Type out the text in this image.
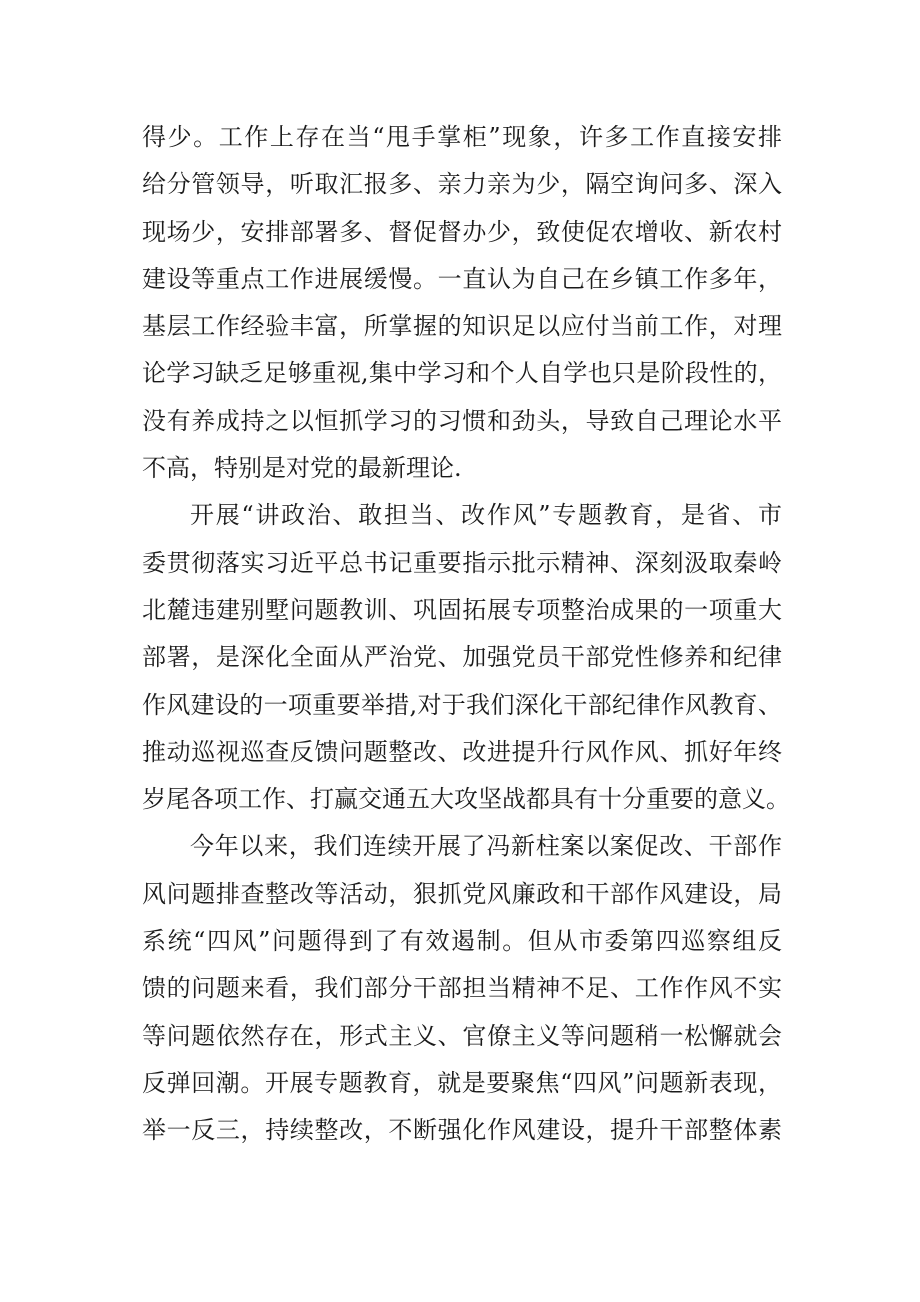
得少。工作上存在当“甩手掌柜”现象，许多工作直接安排
给分管领导，听取汇报多、亲力亲为少，隔空询问多、深入
现场少，安排部署多、督促督办少，致使促农增收、新农村
建设等重点工作进展缓慢。一直认为自己在乡镇工作多年，
基层工作经验丰富，所掌握的知识足以应付当前工作，对理
论学习缺乏足够重视,集中学习和个人自学也只是阶段性的，
没有养成持之以恒抓学习的习惯和劲头，导致自己理论水平
不高，特别是对党的最新理论.
开展“讲政治、敢担当、改作风”专题教育，是省、市
委贯彻落实习近平总书记重要指示批示精神、深刻汲取秦岭
北麓违建别墅问题教训、巩固拓展专项整治成果的一项重大
部署，是深化全面从严治党、加强党员干部党性修养和纪律
作风建设的一项重要举措,对于我们深化干部纪律作风教育、
推动巡视巡查反馈问题整改、改进提升行风作风、抓好年终
岁尾各项工作、打赢交通五大攻坚战都具有十分重要的意义。
今年以来，我们连续开展了冯新柱案以案促改、干部作
风问题排查整改等活动，狠抓党风廉政和干部作风建设，局
系统“四风”问题得到了有效遏制。但从市委第四巡察组反
馈的问题来看，我们部分干部担当精神不足、工作作风不实
等问题依然存在，形式主义、官僚主义等问题稍一松懈就会
反弹回潮。开展专题教育，就是要聚焦“四风”问题新表现，
举一反三，持续整改，不断强化作风建设，提升干部整体素
